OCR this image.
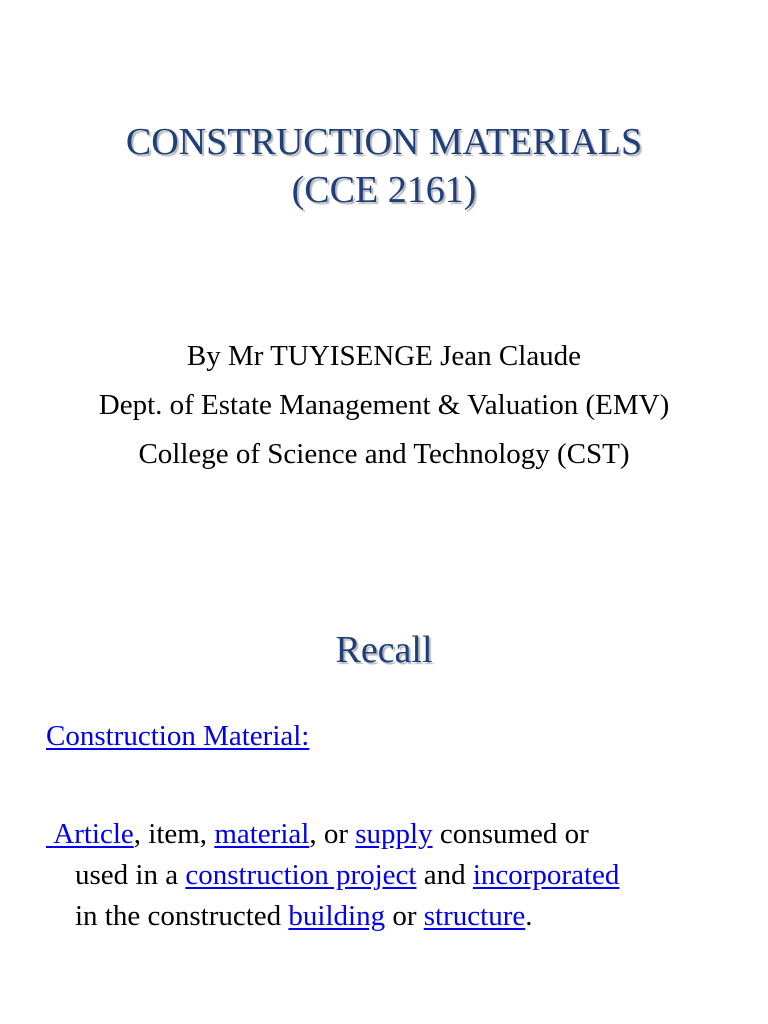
CONSTRUCTION MATERIALS
(CCE 2161)
By Mr TUYISENGE Jean Claude
Dept. of Estate Management & Valuation (EMV)
College of Science and Technology (CST)
Recall
Construction Material:
Article, item, material, or supply consumed or
used in a construction project and incorporated
in the constructed building or structure.
